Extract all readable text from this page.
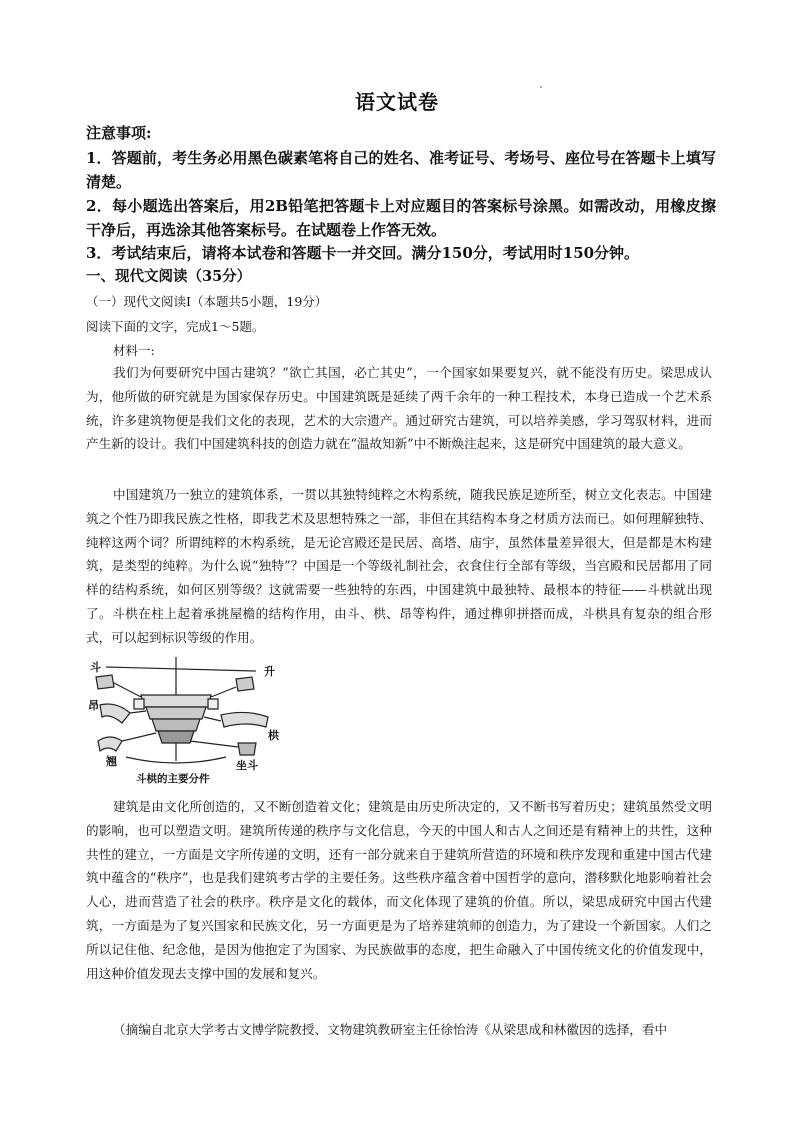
语文试卷
注意事项:
1．答题前，考生务必用黑色碳素笔将自己的姓名、准考证号、考场号、座位号在答题卡上填写清楚。
2．每小题选出答案后，用2B铅笔把答题卡上对应题目的答案标号涂黑。如需改动，用橡皮擦干净后，再选涂其他答案标号。在试题卷上作答无效。
3．考试结束后，请将本试卷和答题卡一并交回。满分150分，考试用时150分钟。
一、现代文阅读（35分）
（一）现代文阅读Ⅰ（本题共5小题，19分）
阅读下面的文字，完成1～5题。
材料一:
我们为何要研究中国古建筑？“欲亡其国，必亡其史”，一个国家如果要复兴，就不能没有历史。梁思成认为，他所做的研究就是为国家保存历史。中国建筑既是延续了两千余年的一种工程技术，本身已造成一个艺术系统，许多建筑物便是我们文化的表现，艺术的大宗遗产。通过研究古建筑，可以培养美感，学习驾驭材料，进而产生新的设计。我们中国建筑科技的创造力就在“温故知新”中不断焕注起来，这是研究中国建筑的最大意义。
中国建筑乃一独立的建筑体系，一贯以其独特纯粹之木构系统，随我民族足迹所至，树立文化表志。中国建筑之个性乃即我民族之性格，即我艺术及思想特殊之一部，非但在其结构本身之材质方法而已。如何理解独特、纯粹这两个词？所谓纯粹的木构系统，是无论宫殿还是民居、高塔、庙宇，虽然体量差异很大，但是都是木构建筑，是类型的纯粹。为什么说“独特”？中国是一个等级礼制社会，衣食住行全部有等级，当宫殿和民居都用了同样的结构系统，如何区别等级？这就需要一些独特的东西，中国建筑中最独特、最根本的特征——斗栱就出现了。斗栱在柱上起着承挑屋檐的结构作用，由斗、栱、昂等构件，通过榫卯拼搭而成，斗栱具有复杂的组合形式，可以起到标识等级的作用。
斗	升
昂
栱
翘	坐斗
斗栱的主要分件
建筑是由文化所创造的，又不断创造着文化；建筑是由历史所决定的，又不断书写着历史；建筑虽然受文明的影响，也可以塑造文明。建筑所传递的秩序与文化信息，今天的中国人和古人之间还是有精神上的共性，这种共性的建立，一方面是文字所传递的文明，还有一部分就来自于建筑所营造的环境和秩序发现和重建中国古代建筑中蕴含的“秩序”，也是我们建筑考古学的主要任务。这些秩序蕴含着中国哲学的意向，潜移默化地影响着社会人心，进而营造了社会的秩序。秩序是文化的载体，而文化体现了建筑的价值。所以，梁思成研究中国古代建筑，一方面是为了复兴国家和民族文化，另一方面更是为了培养建筑师的创造力，为了建设一个新国家。人们之所以记住他、纪念他，是因为他抱定了为国家、为民族做事的态度，把生命融入了中国传统文化的价值发现中，用这种价值发现去支撑中国的发展和复兴。
（摘编自北京大学考古文博学院教授、文物建筑教研室主任徐怡涛《从梁思成和林徽因的选择，看中
